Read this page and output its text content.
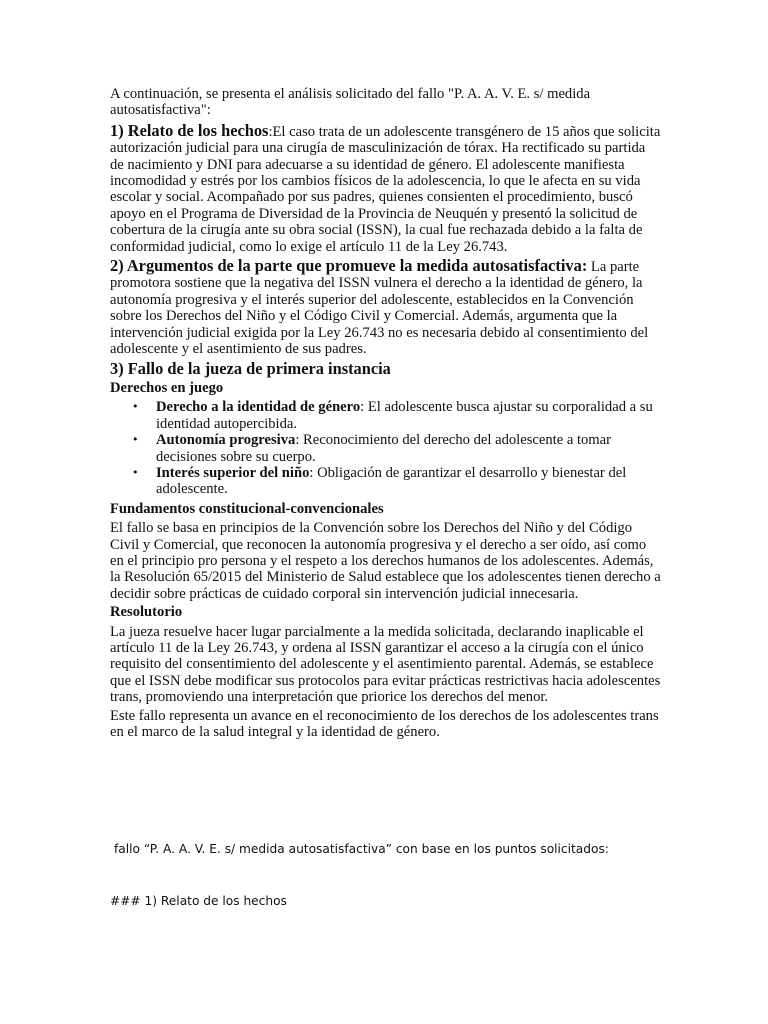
A continuación, se presenta el análisis solicitado del fallo "P. A. A. V. E. s/ medida autosatisfactiva":

1) Relato de los hechos:El caso trata de un adolescente transgénero de 15 años que solicita autorización judicial para una cirugía de masculinización de tórax. Ha rectificado su partida de nacimiento y DNI para adecuarse a su identidad de género. El adolescente manifiesta incomodidad y estrés por los cambios físicos de la adolescencia, lo que le afecta en su vida escolar y social. Acompañado por sus padres, quienes consienten el procedimiento, buscó apoyo en el Programa de Diversidad de la Provincia de Neuquén y presentó la solicitud de cobertura de la cirugía ante su obra social (ISSN), la cual fue rechazada debido a la falta de conformidad judicial, como lo exige el artículo 11 de la Ley 26.743.

2) Argumentos de la parte que promueve la medida autosatisfactiva: La parte promotora sostiene que la negativa del ISSN vulnera el derecho a la identidad de género, la autonomía progresiva y el interés superior del adolescente, establecidos en la Convención sobre los Derechos del Niño y el Código Civil y Comercial. Además, argumenta que la intervención judicial exigida por la Ley 26.743 no es necesaria debido al consentimiento del adolescente y el asentimiento de sus padres.

3) Fallo de la jueza de primera instancia

Derechos en juego

• Derecho a la identidad de género: El adolescente busca ajustar su corporalidad a su identidad autopercibida.
• Autonomía progresiva: Reconocimiento del derecho del adolescente a tomar decisiones sobre su cuerpo.
• Interés superior del niño: Obligación de garantizar el desarrollo y bienestar del adolescente.

Fundamentos constitucional-convencionales

El fallo se basa en principios de la Convención sobre los Derechos del Niño y del Código Civil y Comercial, que reconocen la autonomía progresiva y el derecho a ser oído, así como en el principio pro persona y el respeto a los derechos humanos de los adolescentes. Además, la Resolución 65/2015 del Ministerio de Salud establece que los adolescentes tienen derecho a decidir sobre prácticas de cuidado corporal sin intervención judicial innecesaria.

Resolutorio

La jueza resuelve hacer lugar parcialmente a la medida solicitada, declarando inaplicable el artículo 11 de la Ley 26.743, y ordena al ISSN garantizar el acceso a la cirugía con el único requisito del consentimiento del adolescente y el asentimiento parental. Además, se establece que el ISSN debe modificar sus protocolos para evitar prácticas restrictivas hacia adolescentes trans, promoviendo una interpretación que priorice los derechos del menor.

Este fallo representa un avance en el reconocimiento de los derechos de los adolescentes trans en el marco de la salud integral y la identidad de género.

fallo “P. A. A. V. E. s/ medida autosatisfactiva” con base en los puntos solicitados:
### 1) Relato de los hechos
